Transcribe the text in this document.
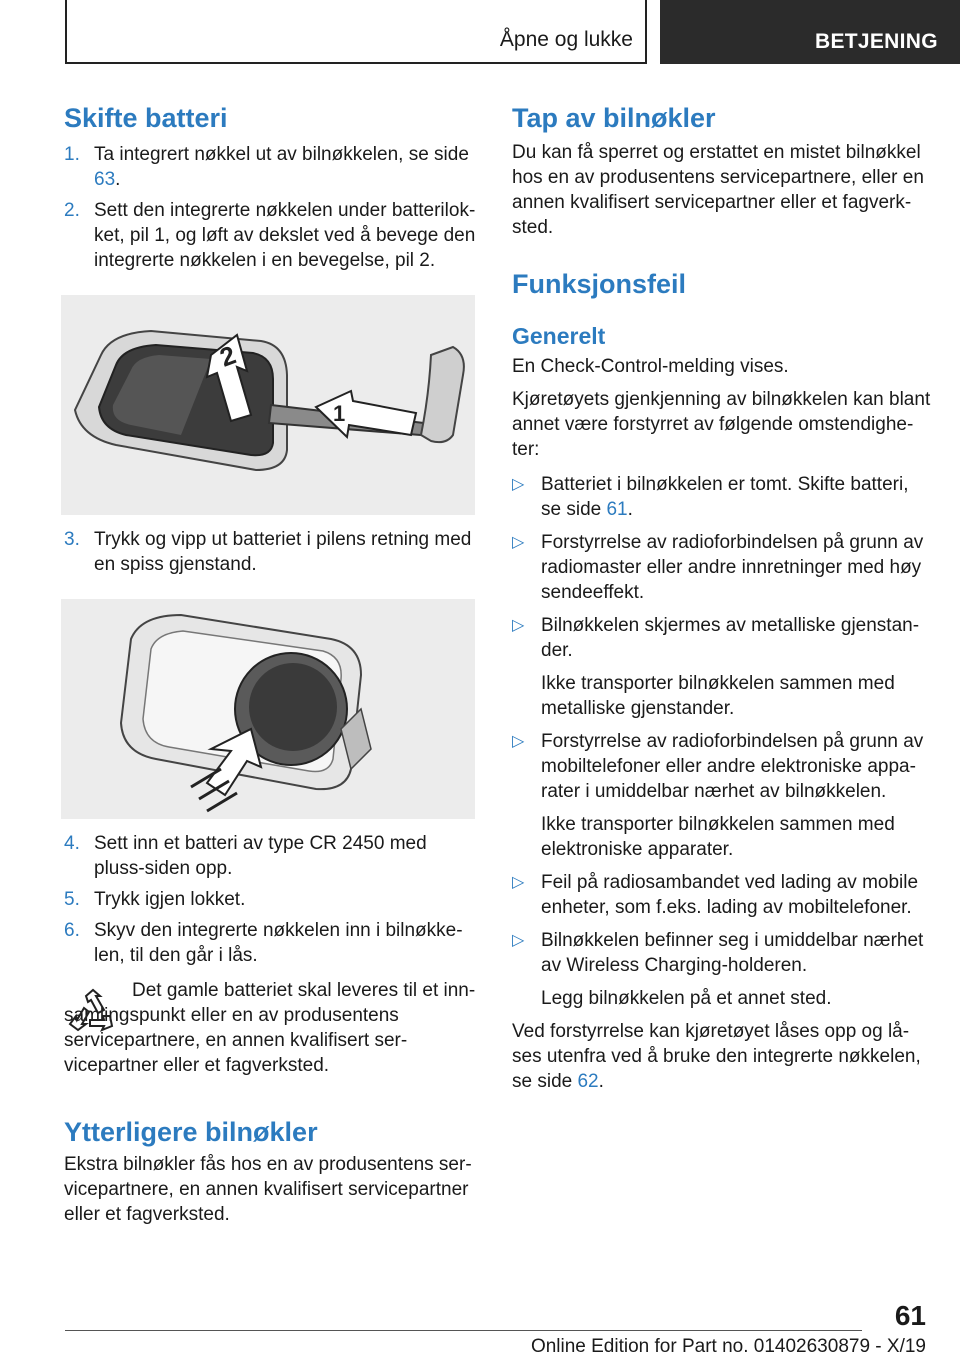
Åpne og lukke	BETJENING
Skifte batteri
1. Ta integrert nøkkel ut av bilnøkkelen, se side 63.
2. Sett den integrerte nøkkelen under batterilokket, pil 1, og løft av dekslet ved å bevege den integrerte nøkkelen i en bevegelse, pil 2.
2
1
3. Trykk og vipp ut batteriet i pilens retning med en spiss gjenstand.
4. Sett inn et batteri av type CR 2450 med pluss-siden opp.
5. Trykk igjen lokket.
6. Skyv den integrerte nøkkelen inn i bilnøkkelen, til den går i lås.
Det gamle batteriet skal leveres til et innsamlingspunkt eller en av produsentens servicepartnere, en annen kvalifisert servicepartner eller et fagverksted.
Ytterligere bilnøkler

Ekstra bilnøkler fås hos en av produsentens servicepartnere, en annen kvalifisert servicepartner eller et fagverksted.

Tap av bilnøkler

Du kan få sperret og erstattet en mistet bilnøkkel hos en av produsentens servicepartnere, eller en annen kvalifisert servicepartner eller et fagverksted.

Funksjonsfeil
Generelt

En Check-Control-melding vises.

Kjøretøyets gjenkjenning av bilnøkkelen kan blant annet være forstyrret av følgende omstendigheter:

▷ Batteriet i bilnøkkelen er tomt. Skifte batteri, se side 61.
▷ Forstyrrelse av radioforbindelsen på grunn av radiomaster eller andre innretninger med høy sendeeffekt.
▷ Bilnøkkelen skjermes av metalliske gjenstander.
Ikke transporter bilnøkkelen sammen med metalliske gjenstander.
▷ Forstyrrelse av radioforbindelsen på grunn av mobiltelefoner eller andre elektroniske apparater i umiddelbar nærhet av bilnøkkelen.
Ikke transporter bilnøkkelen sammen med elektroniske apparater.
▷ Feil på radiosambandet ved lading av mobile enheter, som f.eks. lading av mobiltelefoner.
▷ Bilnøkkelen befinner seg i umiddelbar nærhet av Wireless Charging-holderen.
Legg bilnøkkelen på et annet sted.

Ved forstyrrelse kan kjøretøyet låses opp og låses utenfra ved å bruke den integrerte nøkkelen, se side 62.

61
Online Edition for Part no. 01402630879 - X/19
